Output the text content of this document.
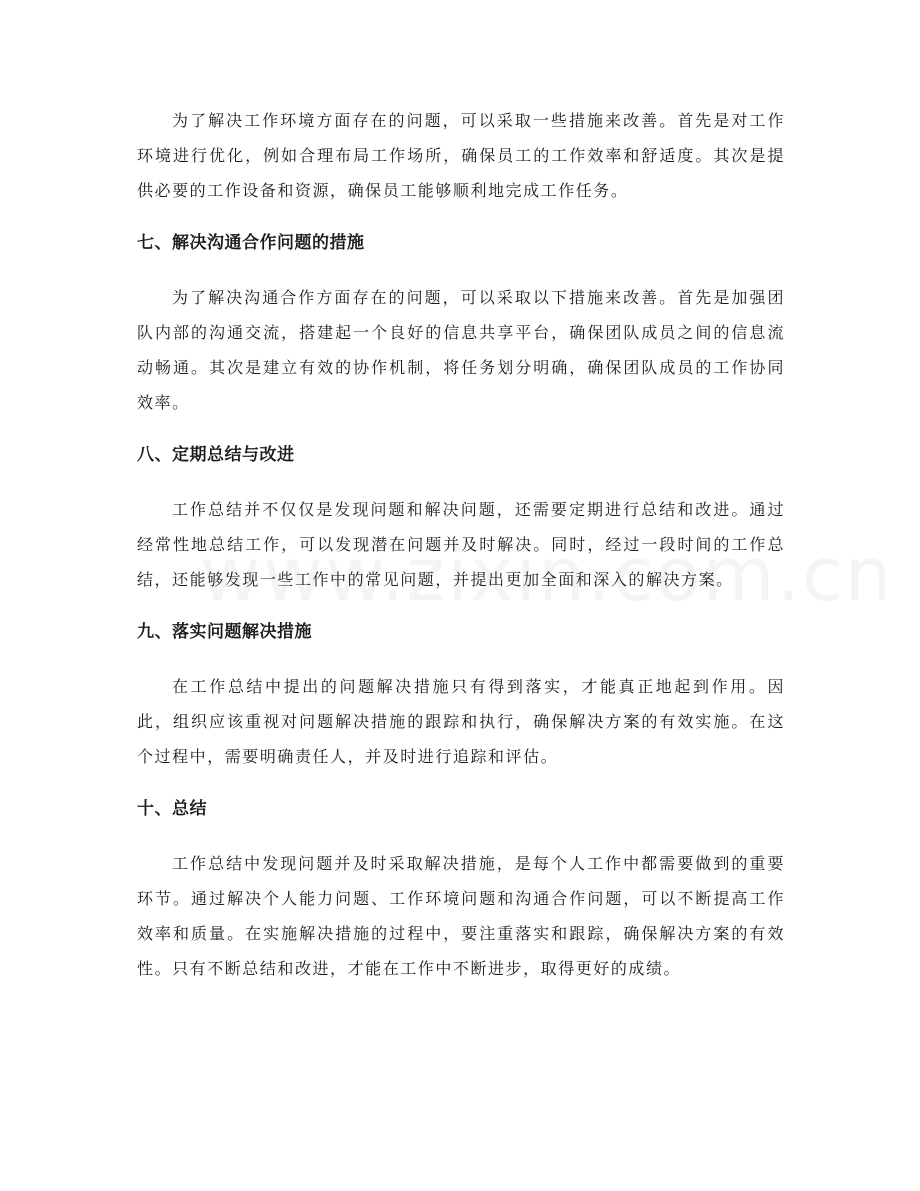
为了解决工作环境方面存在的问题，可以采取一些措施来改善。首先是对工作环境进行优化，例如合理布局工作场所，确保员工的工作效率和舒适度。其次是提供必要的工作设备和资源，确保员工能够顺利地完成工作任务。

七、解决沟通合作问题的措施

为了解决沟通合作方面存在的问题，可以采取以下措施来改善。首先是加强团队内部的沟通交流，搭建起一个良好的信息共享平台，确保团队成员之间的信息流动畅通。其次是建立有效的协作机制，将任务划分明确，确保团队成员的工作协同效率。

八、定期总结与改进

工作总结并不仅仅是发现问题和解决问题，还需要定期进行总结和改进。通过经常性地总结工作，可以发现潜在问题并及时解决。同时，经过一段时间的工作总结，还能够发现一些工作中的常见问题，并提出更加全面和深入的解决方案。

九、落实问题解决措施

在工作总结中提出的问题解决措施只有得到落实，才能真正地起到作用。因此，组织应该重视对问题解决措施的跟踪和执行，确保解决方案的有效实施。在这个过程中，需要明确责任人，并及时进行追踪和评估。

十、总结

工作总结中发现问题并及时采取解决措施，是每个人工作中都需要做到的重要环节。通过解决个人能力问题、工作环境问题和沟通合作问题，可以不断提高工作效率和质量。在实施解决措施的过程中，要注重落实和跟踪，确保解决方案的有效性。只有不断总结和改进，才能在工作中不断进步，取得更好的成绩。
